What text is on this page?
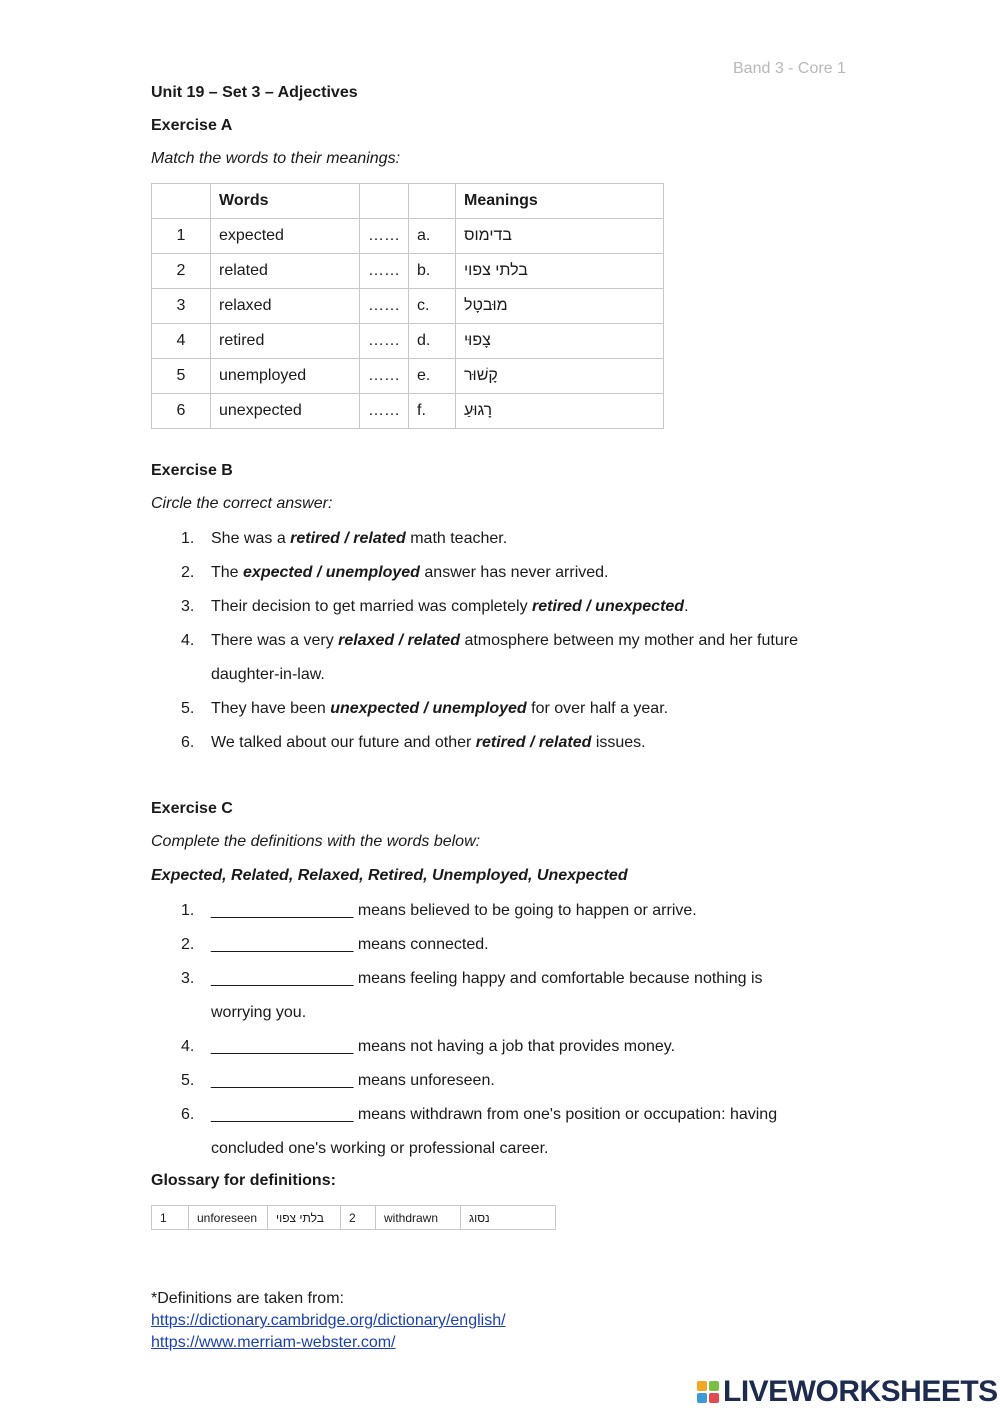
Band 3 - Core 1
Unit 19 – Set 3 – Adjectives
Exercise A
Match the words to their meanings:
	Words			Meanings
1	expected	……	a.	בדימוס
2	related	……	b.	בלתי צפוי
3	relaxed	……	c.	מוּבטָל
4	retired	……	d.	צָפוּי
5	unemployed	……	e.	קָשׁוּר
6	unexpected	……	f.	רָגוּעַ
Exercise B
Circle the correct answer:
1. She was a retired / related math teacher.
2. The expected / unemployed answer has never arrived.
3. Their decision to get married was completely retired / unexpected.
4. There was a very relaxed / related atmosphere between my mother and her future
daughter-in-law.
5. They have been unexpected / unemployed for over half a year.
6. We talked about our future and other retired / related issues.
Exercise C
Complete the definitions with the words below:
Expected, Related, Relaxed, Retired, Unemployed, Unexpected
1. ________________ means believed to be going to happen or arrive.
2. ________________ means connected.
3. ________________ means feeling happy and comfortable because nothing is
worrying you.
4. ________________ means not having a job that provides money.
5. ________________ means unforeseen.
6. ________________ means withdrawn from one's position or occupation: having
concluded one's working or professional career.
Glossary for definitions:
1	unforeseen	בלתי צפוי	2	withdrawn	נסוג
*Definitions are taken from:
https://dictionary.cambridge.org/dictionary/english/
https://www.merriam-webster.com/
LIVEWORKSHEETS
